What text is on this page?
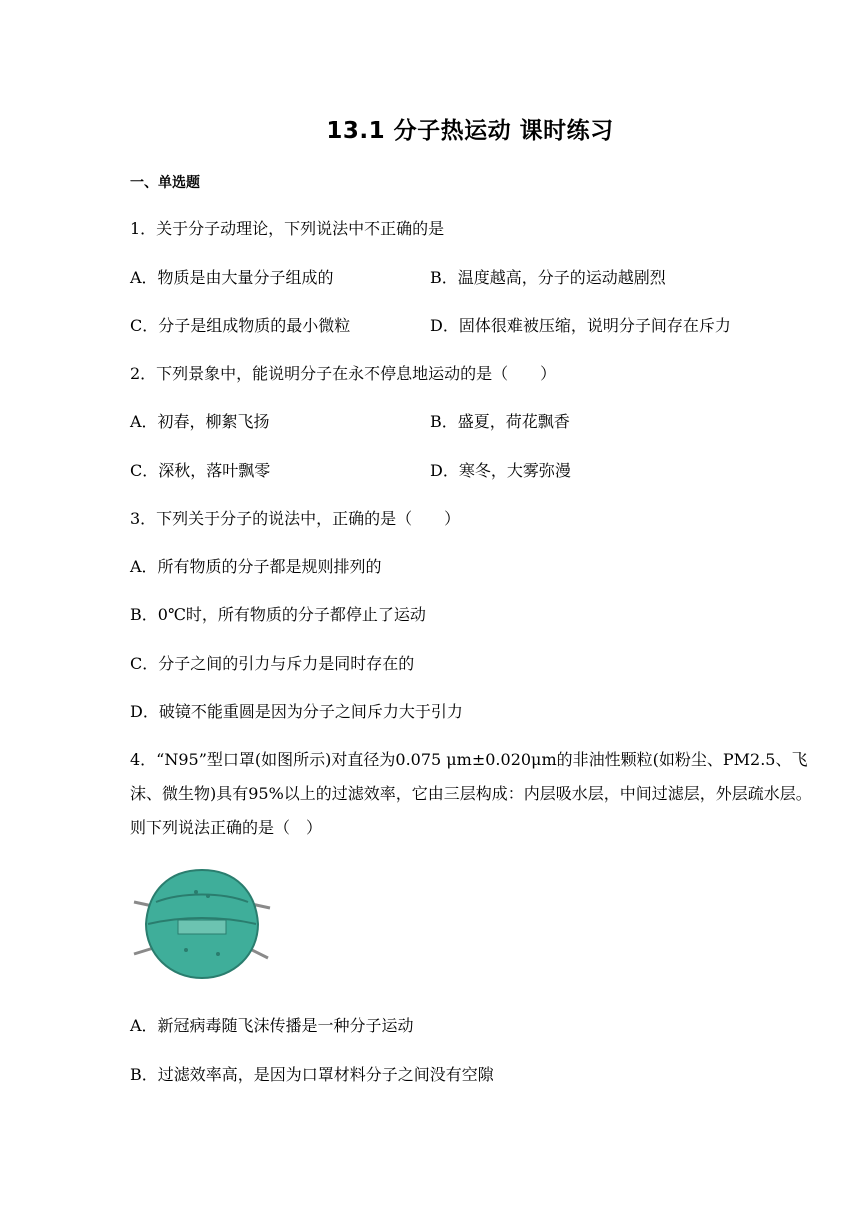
13.1 分子热运动 课时练习
一、单选题
1．关于分子动理论，下列说法中不正确的是
A．物质是由大量分子组成的	B．温度越高，分子的运动越剧烈
C．分子是组成物质的最小微粒	D．固体很难被压缩，说明分子间存在斥力
2．下列景象中，能说明分子在永不停息地运动的是（　　）
A．初春，柳絮飞扬	B．盛夏，荷花飘香
C．深秋，落叶飘零	D．寒冬，大雾弥漫
3．下列关于分子的说法中，正确的是（　　）
A．所有物质的分子都是规则排列的
B．0℃时，所有物质的分子都停止了运动
C．分子之间的引力与斥力是同时存在的
D．破镜不能重圆是因为分子之间斥力大于引力
4．“N95”型口罩(如图所示)对直径为0.075 μm±0.020μm的非油性颗粒(如粉尘、PM2.5、飞沫、微生物)具有95%以上的过滤效率，它由三层构成：内层吸水层，中间过滤层，外层疏水层。则下列说法正确的是（　）
A．新冠病毒随飞沫传播是一种分子运动
B．过滤效率高，是因为口罩材料分子之间没有空隙
